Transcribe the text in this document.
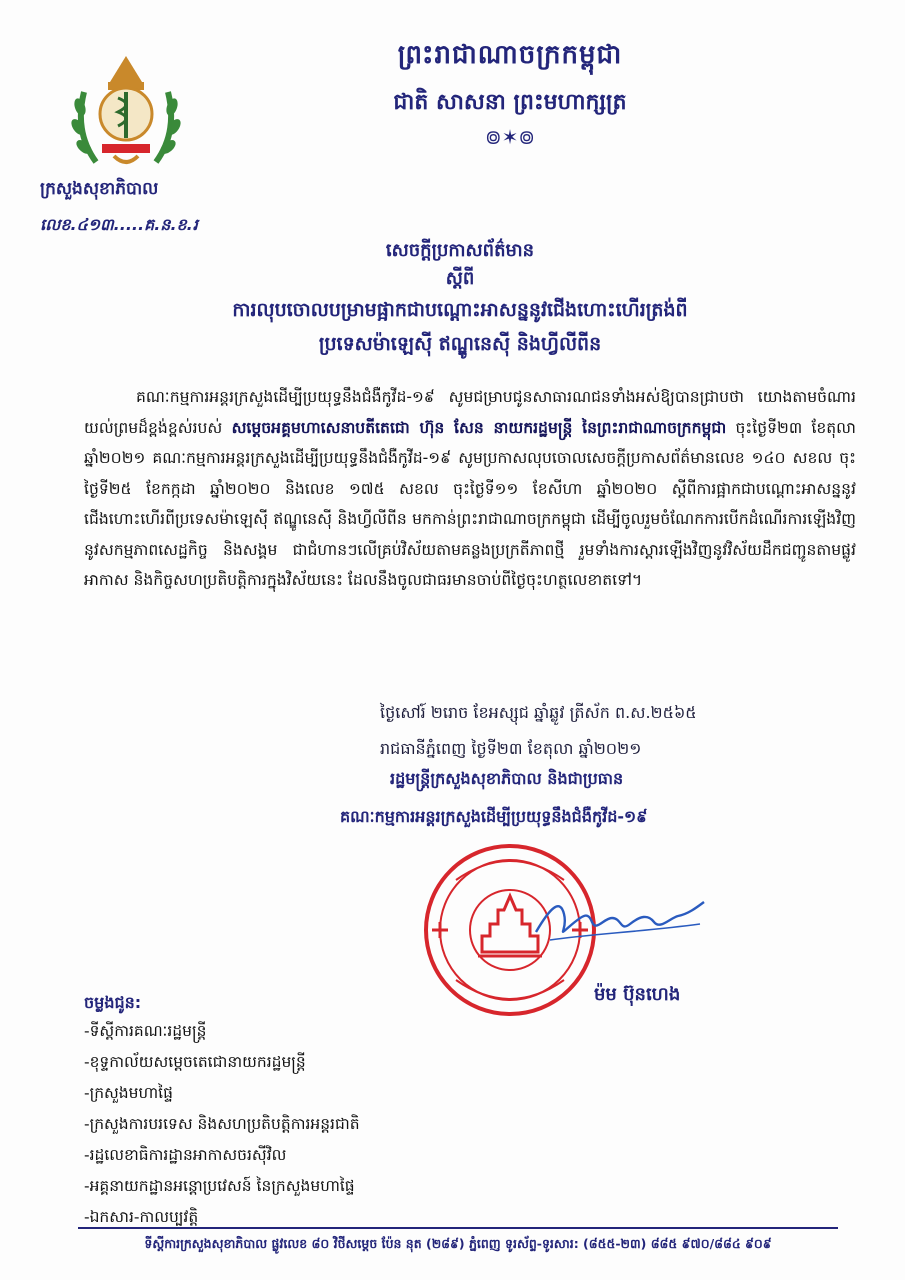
ព្រះរាជាណាចក្រកម្ពុជា
ជាតិ សាសនា ព្រះមហាក្សត្រ
៙✶៙
ក្រសួងសុខាភិបាល
លេខ.៤១៣.....គ.ន.ខ.រ
សេចក្តីប្រកាសព័ត៌មាន
ស្តីពី
ការលុបចោលបម្រាមផ្អាកជាបណ្តោះអាសន្ននូវជើងហោះហើរត្រង់ពី
ប្រទេសម៉ាឡេស៊ី ឥណ្ឌូនេស៊ី និងហ្វីលីពីន

គណៈកម្មការអន្តរក្រសួងដើម្បីប្រយុទ្ធនឹងជំងឺកូវីដ-១៩ សូមជម្រាបជូនសាធារណជនទាំងអស់ឱ្យបានជ្រាបថា យោងតាមចំណារយល់ព្រមដ៏ខ្ពង់ខ្ពស់របស់ សម្តេចអគ្គមហាសេនាបតីតេជោ ហ៊ុន សែន នាយករដ្ឋមន្ត្រី នៃព្រះរាជាណាចក្រកម្ពុជា ចុះថ្ងៃទី២៣ ខែតុលា ឆ្នាំ២០២១ គណៈកម្មការអន្តរក្រសួងដើម្បីប្រយុទ្ធនឹងជំងឺកូវីដ-១៩ សូមប្រកាសលុបចោលសេចក្តីប្រកាសព័ត៌មានលេខ ១៤០ សខល ចុះថ្ងៃទី២៥ ខែកក្កដា ឆ្នាំ២០២០ និងលេខ ១៧៥ សខល ចុះថ្ងៃទី១១ ខែសីហា ឆ្នាំ២០២០ ស្តីពីការផ្អាកជាបណ្តោះអាសន្ននូវជើងហោះហើរពីប្រទេសម៉ាឡេស៊ី ឥណ្ឌូនេស៊ី និងហ្វីលីពីន មកកាន់ព្រះរាជាណាចក្រកម្ពុជា ដើម្បីចូលរួមចំណែកការបើកដំណើរការឡើងវិញនូវសកម្មភាពសេដ្ឋកិច្ច និងសង្គម ជាជំហានៗលើគ្រប់វិស័យតាមគន្លងប្រក្រតីភាពថ្មី រួមទាំងការស្តារឡើងវិញនូវវិស័យដឹកជញ្ជូនតាមផ្លូវអាកាស និងកិច្ចសហប្រតិបត្តិការក្នុងវិស័យនេះ ដែលនឹងចូលជាធរមានចាប់ពីថ្ងៃចុះហត្ថលេខាតទៅ។

ថ្ងៃសៅរ៍ ២រោច ខែអស្សុជ ឆ្នាំឆ្លូវ ត្រីស័ក ព.ស.២៥៦៥
រាជធានីភ្នំពេញ ថ្ងៃទី២៣ ខែតុលា ឆ្នាំ២០២១
រដ្ឋមន្ត្រីក្រសួងសុខាភិបាល និងជាប្រធាន
គណៈកម្មការអន្តរក្រសួងដើម្បីប្រយុទ្ធនឹងជំងឺកូវីដ-១៩
ម៉ម ប៊ុនហេង
ចម្លងជូន:
-ទីស្តីការគណៈរដ្ឋមន្ត្រី
-ខុទ្ទកាល័យសម្តេចតេជោនាយករដ្ឋមន្ត្រី
-ក្រសួងមហាផ្ទៃ
-ក្រសួងការបរទេស និងសហប្រតិបត្តិការអន្តរជាតិ
-រដ្ឋលេខាធិការដ្ឋានអាកាសចរស៊ីវិល
-អគ្គនាយកដ្ឋានអន្តោប្រវេសន៍ នៃក្រសួងមហាផ្ទៃ
-ឯកសារ-កាលប្បវត្តិ
ទីស្តីការក្រសួងសុខាភិបាល ផ្លូវលេខ ៨០ វិថីសម្តេច ប៉ែន នុត (២៨៩) ភ្នំពេញ ទូរស័ព្ទ-ទូរសារ: (៨៥៥-២៣) ៨៨៥ ៩៧០/៨៨៤ ៩០៩
